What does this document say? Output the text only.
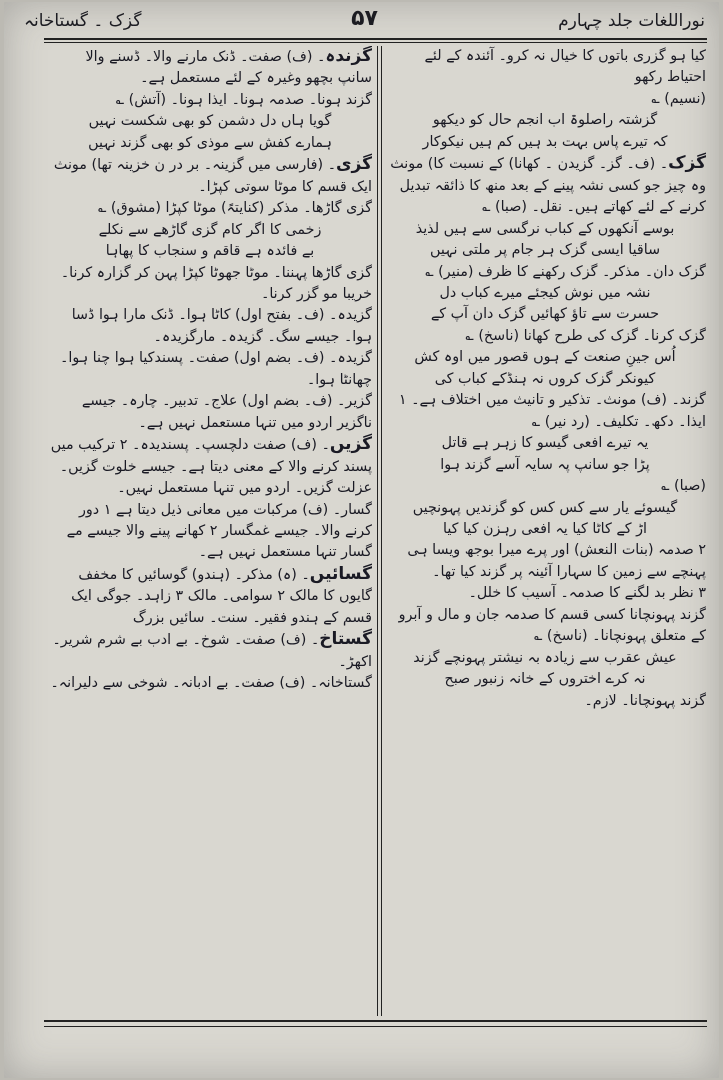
نوراللغات جلد چہارم
۵۷
گزک ۔ گستاخانہ

کیا ہو گزری باتوں کا خیال نہ کرو۔ آئندہ کے لئے احتیاط رکھو

(نسیم) ؎

گزشتہ راصلوۃ اب انجم حال کو دیکھو

کہ تیرے پاس بہت بد ہیں کم ہیں نیکوکار

گزک۔ (ف۔ گز۔ گزیدن ۔ کھانا) کے نسبت کا) مونث وہ چیز جو کسی نشہ پینے کے بعد منھ کا ذائقہ تبدیل کرنے کے لئے کھاتے ہیں۔ نقل۔ (صبا) ؎

بوسے آنکھوں کے کباب نرگسی سے ہیں لذیذ

ساقیا ایسی گزک ہر جام پر ملتی نہیں

گزک دان۔ مذکر۔ گزک رکھنے کا ظرف (منیر) ؎

نشہ میں نوش کیجئے میرے کباب دل

حسرت سے تاؤ کھائیں گزک دان آپ کے

گزک کرنا۔ گزک کی طرح کھانا (ناسخ) ؎

اُس جینِ صنعت کے ہوں قصور میں اوہ کش

کیونکر گزک کروں نہ ہنڈکے کباب کی

گزند۔ (ف) مونث۔ تذکیر و تانیث میں اختلاف ہے۔ ۱ ایذا۔ دکھ۔ تکلیف۔ (رد نیر) ؎

یہ تیرے افعی گیسو کا زہر ہے قاتل

پڑا جو سانپ پہ سایہ آسے گزند ہوا

(صبا) ؎

گیسوئے یار سے کس کس کو گزندیں پہونچیں

اڑ کے کاٹا کیا یہ افعی رہزن کیا کیا

۲ صدمہ (بنات النعش) اور پرے میرا بوجھ ویسا ہی پہنچے سے زمین کا سہارا آئینہ پر گزند کیا تھا۔

۳ نظر بد لگنے کا صدمہ۔ آسیب کا خلل۔

گزند پہونچانا کسی قسم کا صدمہ جان و مال و آبرو کے متعلق پہونچانا۔ (ناسخ) ؎

عیش عقرب سے زیادہ بہ نیشتر پہونچے گزند

نہ کرے اختروں کے خانہ زنبور صبح

گزند پہونچانا۔ لازم۔

گزندہ۔ (ف) صفت۔ ڈنک مارنے والا۔ ڈسنے والا سانپ بچھو وغیرہ کے لئے مستعمل ہے۔

گزند ہونا۔ صدمہ ہونا۔ ایذا ہونا۔ (آتش) ؎

گویا ہاں دل دشمن کو بھی شکست نہیں

ہمارے کفش سے موذی کو بھی گزند نہیں

گزی۔ (فارسی میں گزینہ۔ بر در ن خزینہ تھا) مونث ایک قسم کا موٹا سوتی کپڑا۔

گزی گاڑھا۔ مذکر (کنایتہً) موٹا کپڑا (مشوق) ؎

زخمی کا اگر کام گزی گاڑھے سے نکلے

بے فائدہ ہے قاقم و سنجاب کا پھاہا

گزی گاڑھا پہننا۔ موٹا جھوٹا کپڑا پہن کر گزارہ کرنا۔ خریبا مو گزر کرنا۔

گزیدہ۔ (ف۔ بفتح اول) کاٹا ہوا۔ ڈنک مارا ہوا ڈسا ہوا۔ جیسے سگ۔ گزیدہ۔ مارگزیدہ۔

گزیدہ۔ (ف۔ بضم اول) صفت۔ پسندکیا ہوا چنا ہوا۔ چھانٹا ہوا۔

گزیر۔ (ف۔ بضم اول) علاج۔ تدبیر۔ چارہ۔ جیسے ناگزیر اردو میں تنہا مستعمل نہیں ہے۔

گزیں۔ (ف) صفت دلچسپ۔ پسندیدہ۔ ۲ ترکیب میں پسند کرنے والا کے معنی دیتا ہے۔ جیسے خلوت گزیں۔ عزلت گزیں۔ اردو میں تنہا مستعمل نہیں۔

گسار۔ (ف) مرکبات میں معانی ذیل دیتا ہے ۱ دور کرنے والا۔ جیسے غمگسار ۲ کھانے پینے والا جیسے مے گسار تنہا مستعمل نہیں ہے۔

گسائیں۔ (ہ) مذکر۔ (ہندو) گوسائیں کا مخفف گایوں کا مالک ۲ سوامی۔ مالک ۳ زاہد۔ جوگی ایک قسم کے ہندو فقیر۔ سنت۔ سائیں بزرگ

گستاخ۔ (ف) صفت۔ شوخ۔ بے ادب بے شرم شریر۔ اکھڑ۔

گستاخانہ۔ (ف) صفت۔ بے ادبانہ۔ شوخی سے دلیرانہ۔
